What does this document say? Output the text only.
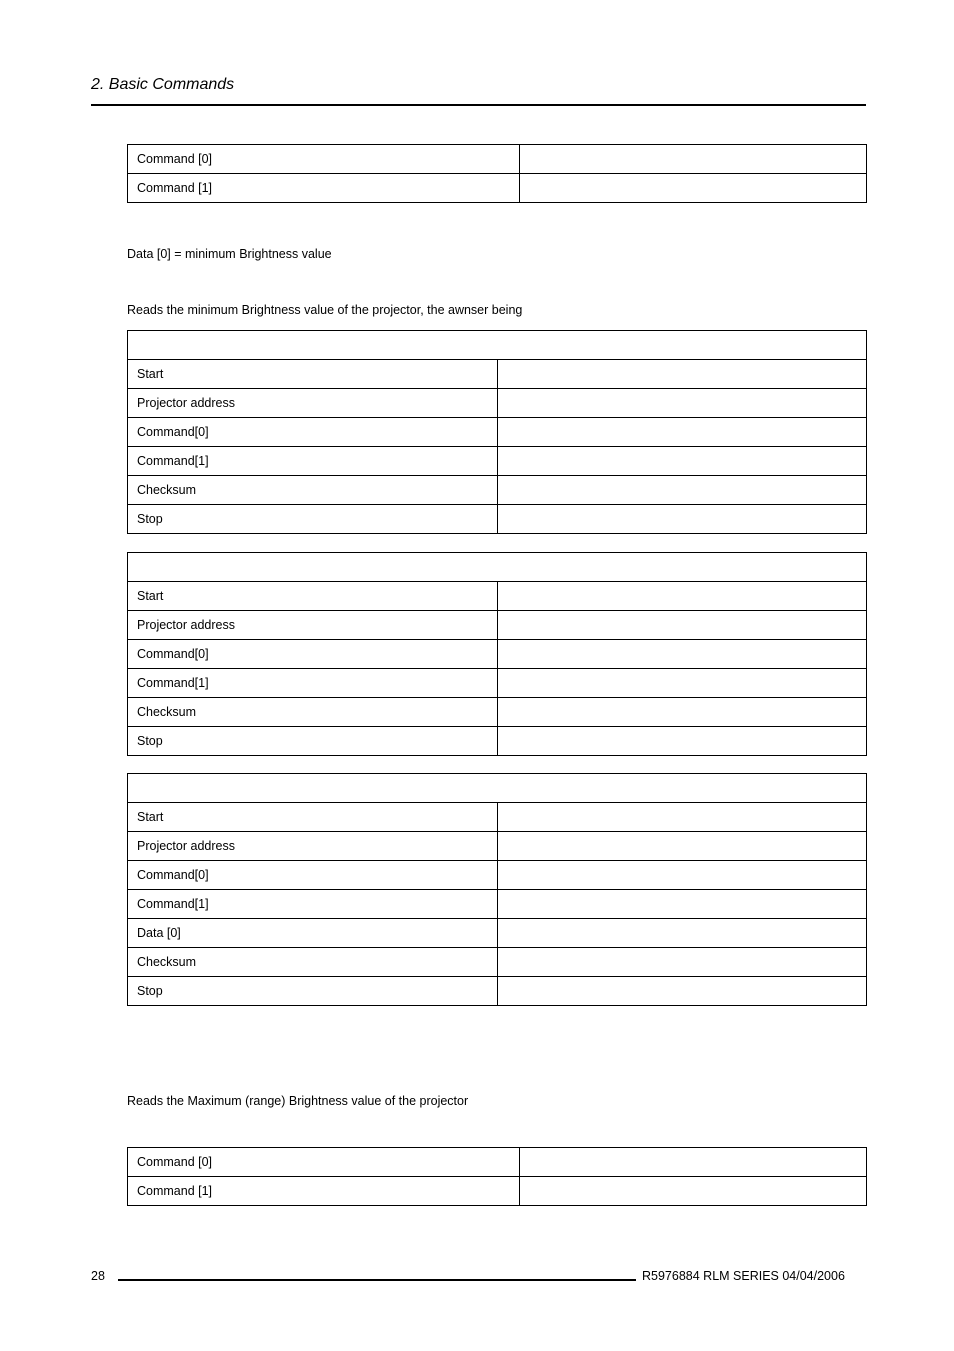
2. Basic Commands
Command [0]	
Command [1]	
Data [0] = minimum Brightness value
Reads the minimum Brightness value of the projector, the awnser being

Start	
Projector address	
Command[0]	
Command[1]	
Checksum	
Stop	

Start	
Projector address	
Command[0]	
Command[1]	
Checksum	
Stop	

Start	
Projector address	
Command[0]	
Command[1]	
Data [0]	
Checksum	
Stop	
Reads the Maximum (range) Brightness value of the projector
Command [0]	
Command [1]	
28	R5976884 RLM SERIES 04/04/2006
